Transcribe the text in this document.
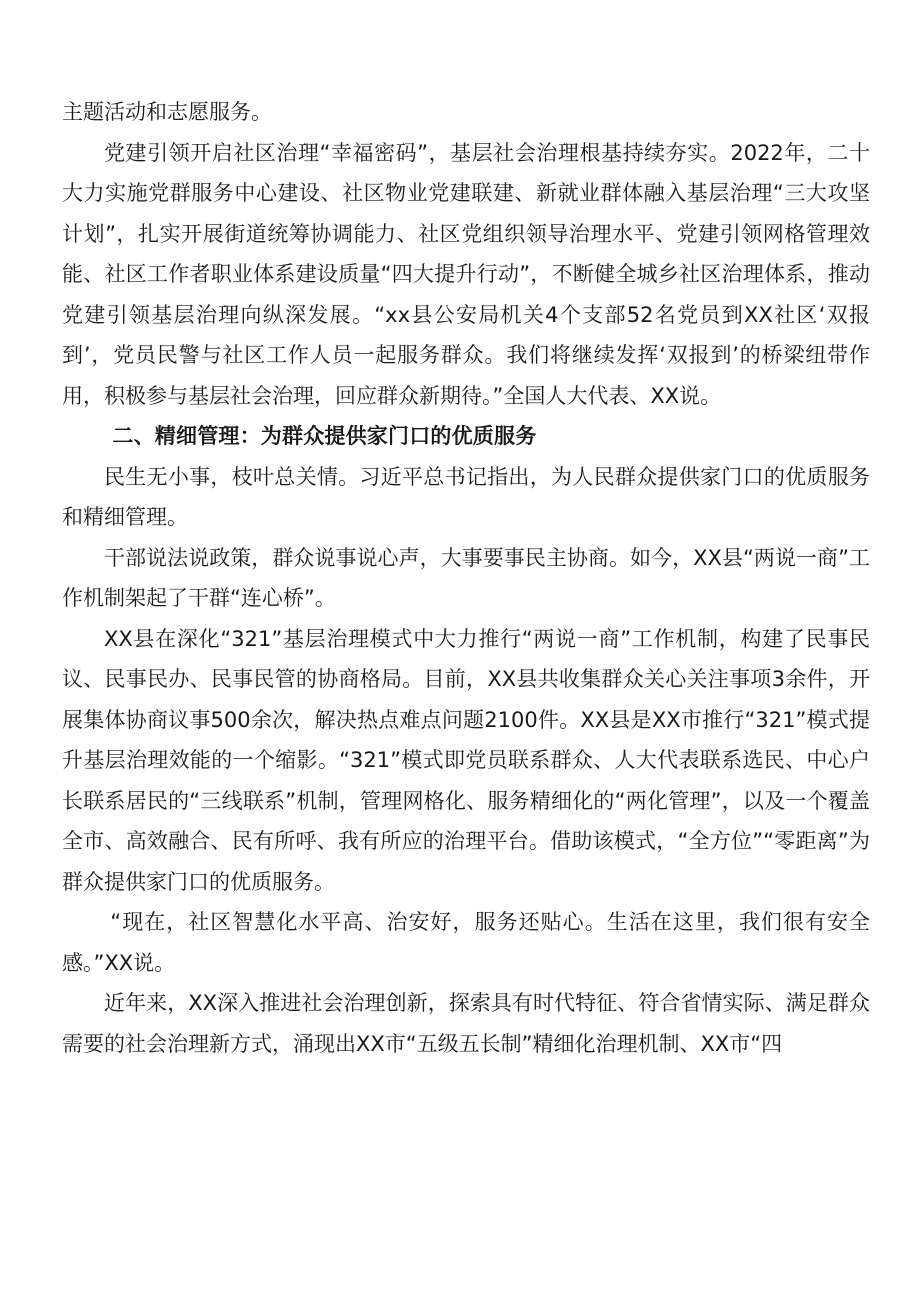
主题活动和志愿服务。

党建引领开启社区治理“幸福密码”，基层社会治理根基持续夯实。2022年，二十大力实施党群服务中心建设、社区物业党建联建、新就业群体融入基层治理“三大攻坚计划”，扎实开展街道统筹协调能力、社区党组织领导治理水平、党建引领网格管理效能、社区工作者职业体系建设质量“四大提升行动”，不断健全城乡社区治理体系，推动党建引领基层治理向纵深发展。“xx县公安局机关4个支部52名党员到XX社区‘双报到’，党员民警与社区工作人员一起服务群众。我们将继续发挥‘双报到’的桥梁纽带作用，积极参与基层社会治理，回应群众新期待。”全国人大代表、XX说。

二、精细管理：为群众提供家门口的优质服务

民生无小事，枝叶总关情。习近平总书记指出，为人民群众提供家门口的优质服务和精细管理。

干部说法说政策，群众说事说心声，大事要事民主协商。如今，XX县“两说一商”工作机制架起了干群“连心桥”。

XX县在深化“321”基层治理模式中大力推行“两说一商”工作机制，构建了民事民议、民事民办、民事民管的协商格局。目前，XX县共收集群众关心关注事项3余件，开展集体协商议事500余次，解决热点难点问题2100件。XX县是XX市推行“321”模式提升基层治理效能的一个缩影。“321”模式即党员联系群众、人大代表联系选民、中心户长联系居民的“三线联系”机制，管理网格化、服务精细化的“两化管理”，以及一个覆盖全市、高效融合、民有所呼、我有所应的治理平台。借助该模式，“全方位”“零距离”为群众提供家门口的优质服务。

“现在，社区智慧化水平高、治安好，服务还贴心。生活在这里，我们很有安全感。”XX说。

近年来，XX深入推进社会治理创新，探索具有时代特征、符合省情实际、满足群众需要的社会治理新方式，涌现出XX市“五级五长制”精细化治理机制、XX市“四
